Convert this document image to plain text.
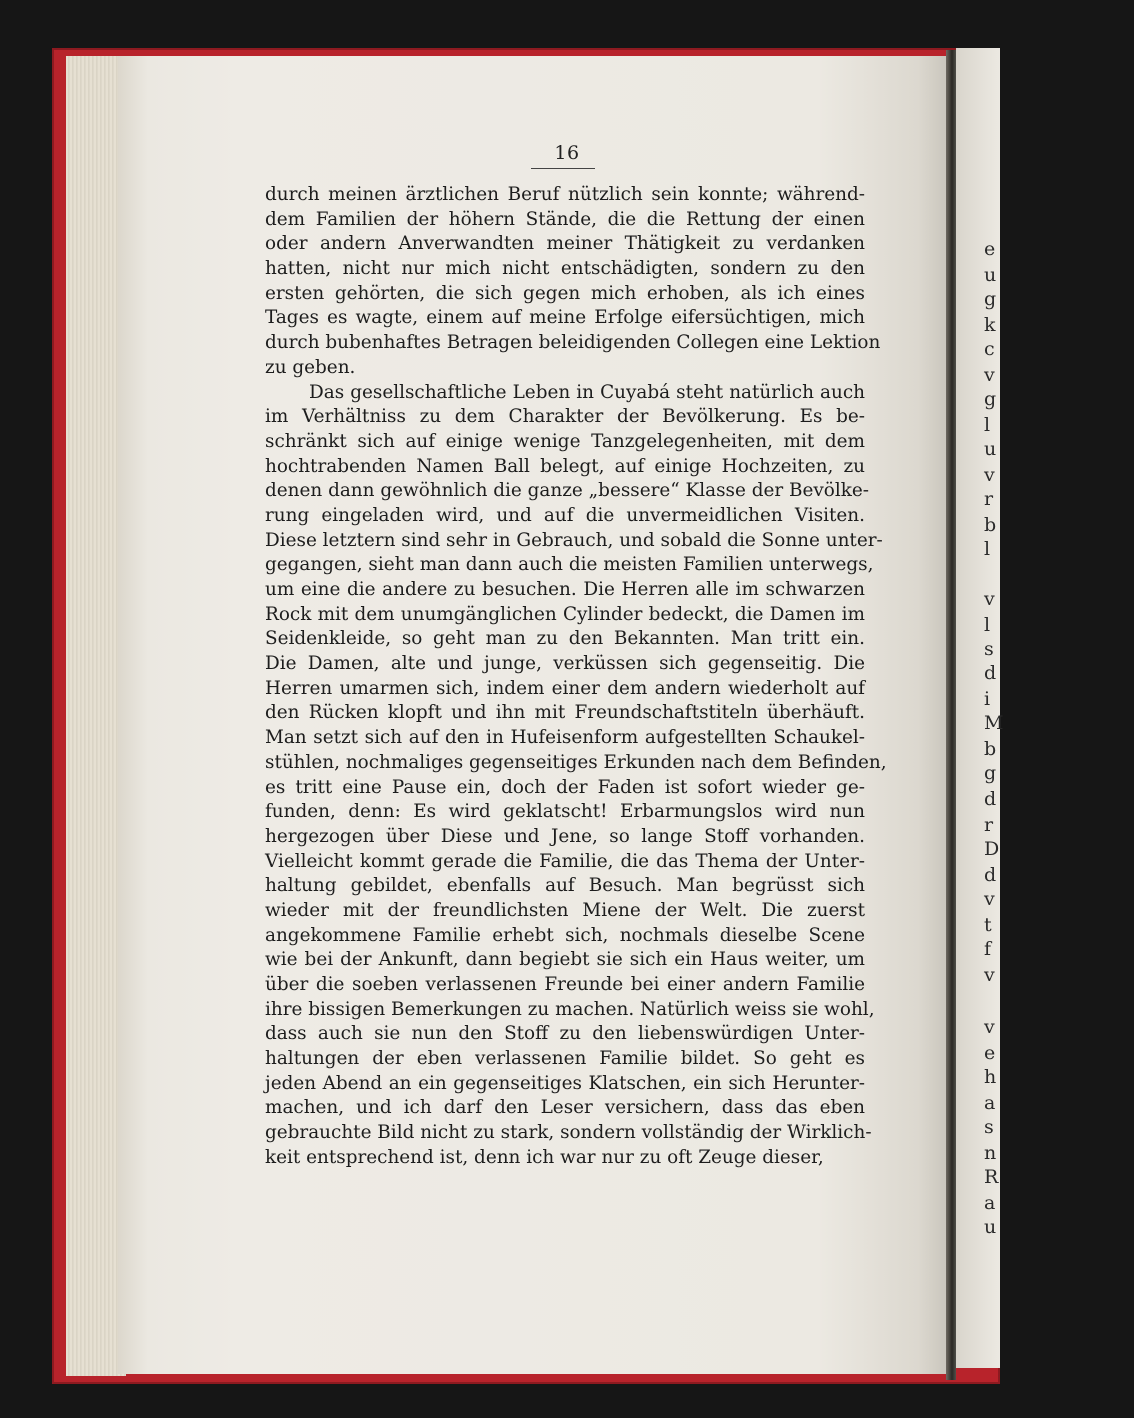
e
u
g
k
c
v
g
l
u
v
r
b
l
v
l
s
d
i
M
b
g
d
r
D
d
v
t
f
v
v
e
h
a
s
n
R
a
u
16
durch meinen ärztlichen Beruf nützlich sein konnte; während-
dem Familien der höhern Stände, die die Rettung der einen
oder andern Anverwandten meiner Thätigkeit zu verdanken
hatten, nicht nur mich nicht entschädigten, sondern zu den
ersten gehörten, die sich gegen mich erhoben, als ich eines
Tages es wagte, einem auf meine Erfolge eifersüchtigen, mich
durch bubenhaftes Betragen beleidigenden Collegen eine Lektion
zu geben.
Das gesellschaftliche Leben in Cuyabá steht natürlich auch
im Verhältniss zu dem Charakter der Bevölkerung. Es be-
schränkt sich auf einige wenige Tanzgelegenheiten, mit dem
hochtrabenden Namen Ball belegt, auf einige Hochzeiten, zu
denen dann gewöhnlich die ganze „bessere“ Klasse der Bevölke-
rung eingeladen wird, und auf die unvermeidlichen Visiten.
Diese letztern sind sehr in Gebrauch, und sobald die Sonne unter-
gegangen, sieht man dann auch die meisten Familien unterwegs,
um eine die andere zu besuchen. Die Herren alle im schwarzen
Rock mit dem unumgänglichen Cylinder bedeckt, die Damen im
Seidenkleide, so geht man zu den Bekannten. Man tritt ein.
Die Damen, alte und junge, verküssen sich gegenseitig. Die
Herren umarmen sich, indem einer dem andern wiederholt auf
den Rücken klopft und ihn mit Freundschaftstiteln überhäuft.
Man setzt sich auf den in Hufeisenform aufgestellten Schaukel-
stühlen, nochmaliges gegenseitiges Erkunden nach dem Befinden,
es tritt eine Pause ein, doch der Faden ist sofort wieder ge-
funden, denn: Es wird geklatscht! Erbarmungslos wird nun
hergezogen über Diese und Jene, so lange Stoff vorhanden.
Vielleicht kommt gerade die Familie, die das Thema der Unter-
haltung gebildet, ebenfalls auf Besuch. Man begrüsst sich
wieder mit der freundlichsten Miene der Welt. Die zuerst
angekommene Familie erhebt sich, nochmals dieselbe Scene
wie bei der Ankunft, dann begiebt sie sich ein Haus weiter, um
über die soeben verlassenen Freunde bei einer andern Familie
ihre bissigen Bemerkungen zu machen. Natürlich weiss sie wohl,
dass auch sie nun den Stoff zu den liebenswürdigen Unter-
haltungen der eben verlassenen Familie bildet. So geht es
jeden Abend an ein gegenseitiges Klatschen, ein sich Herunter-
machen, und ich darf den Leser versichern, dass das eben
gebrauchte Bild nicht zu stark, sondern vollständig der Wirklich-
keit entsprechend ist, denn ich war nur zu oft Zeuge dieser,
